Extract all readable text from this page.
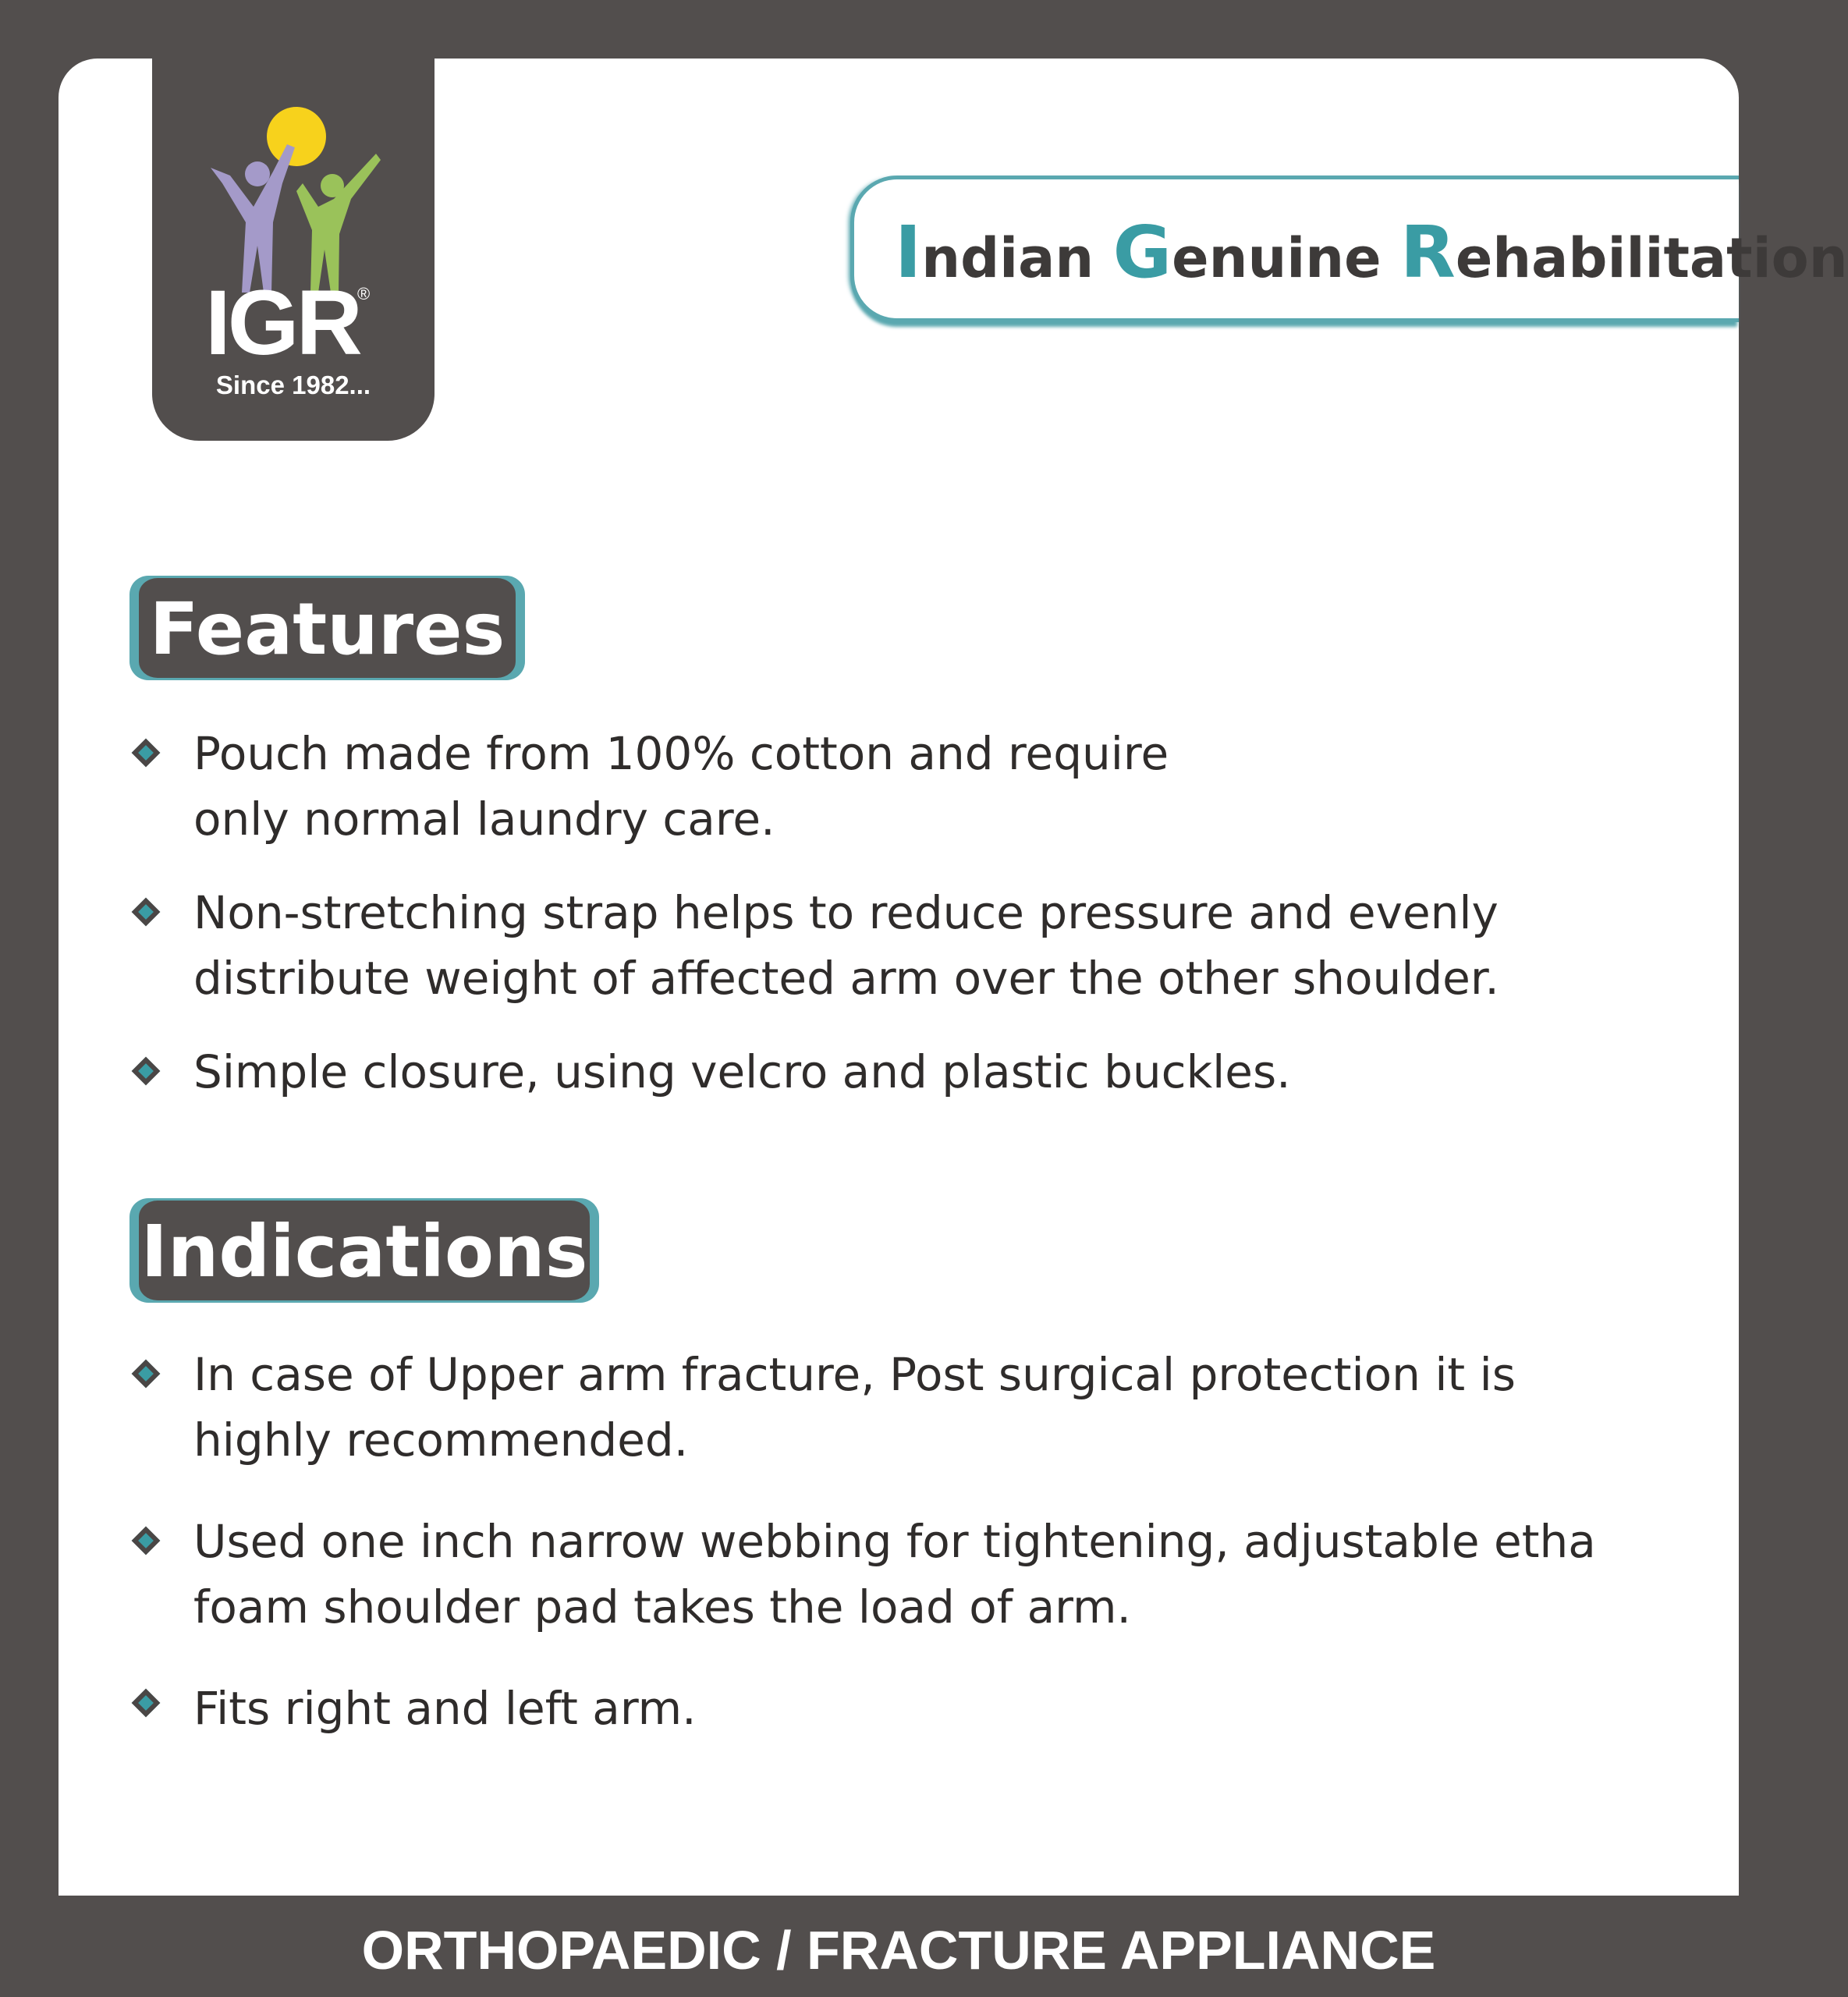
IGR
®
Since 1982...
Indian Genuine Rehabilitation
Features
Pouch made from 100% cotton and require
only normal laundry care.
Non-stretching strap helps to reduce pressure and evenly
distribute weight of affected arm over the other shoulder.
Simple closure, using velcro and plastic buckles.
Indications
In case of Upper arm fracture, Post surgical protection it is
highly recommended.
Used one inch narrow webbing for tightening, adjustable etha
foam shoulder pad takes the load of arm.
Fits right and left arm.
ORTHOPAEDIC / FRACTURE APPLIANCE
